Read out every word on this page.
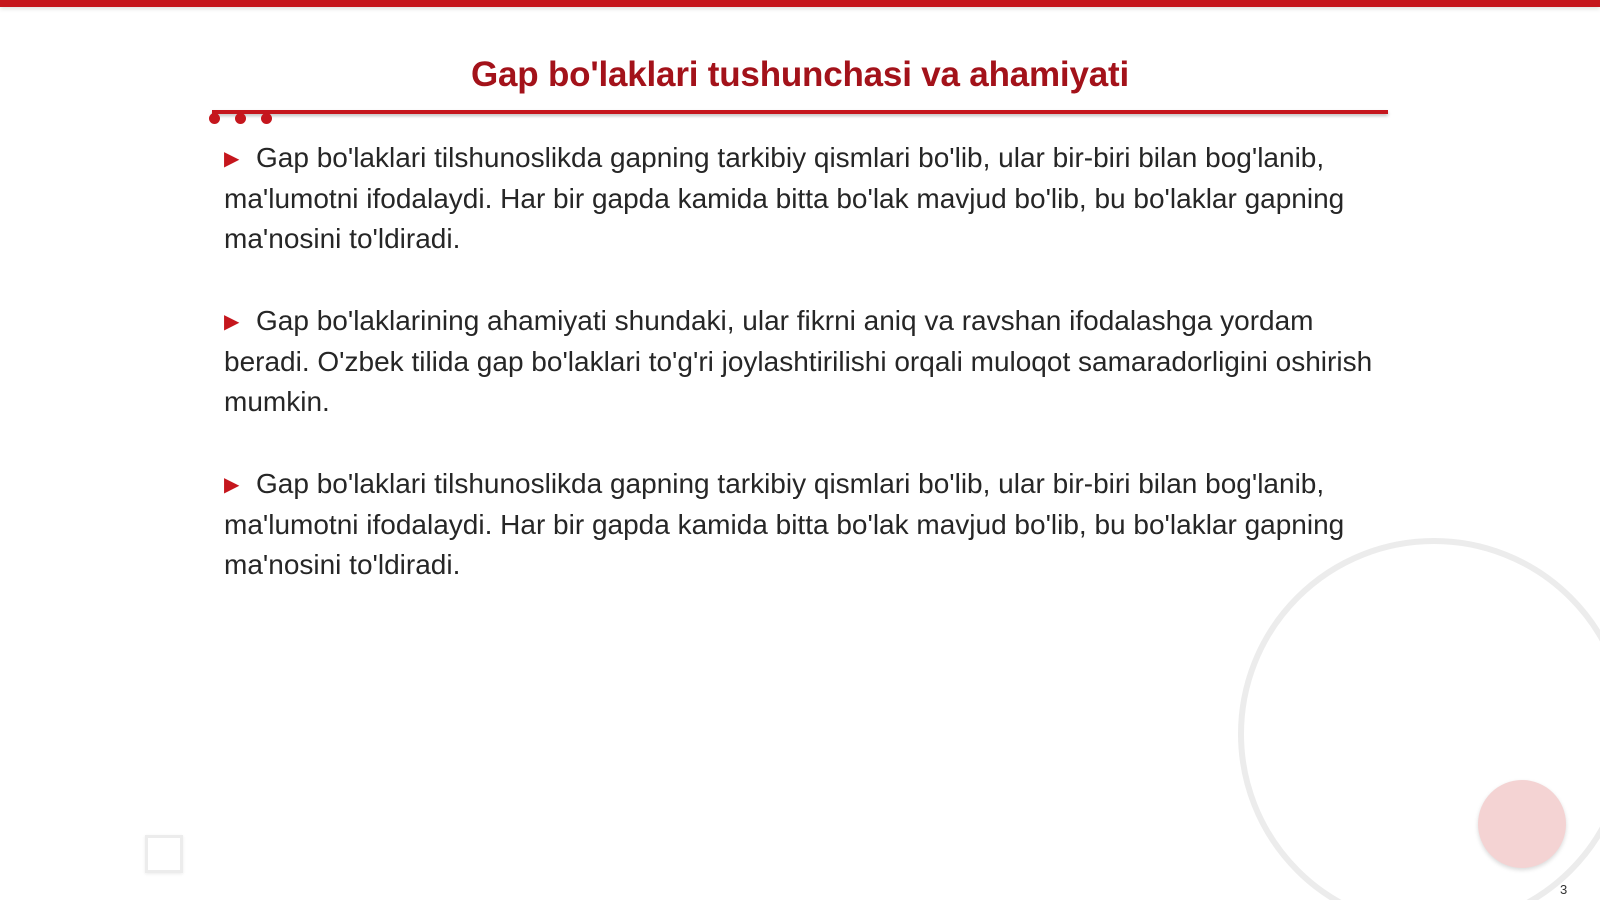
Gap bo'laklari tushunchasi va ahamiyati

▶ Gap bo'laklari tilshunoslikda gapning tarkibiy qismlari bo'lib, ular bir-biri bilan bog'lanib, ma'lumotni ifodalaydi. Har bir gapda kamida bitta bo'lak mavjud bo'lib, bu bo'laklar gapning ma'nosini to'ldiradi.

▶ Gap bo'laklarining ahamiyati shundaki, ular fikrni aniq va ravshan ifodalashga yordam beradi. O'zbek tilida gap bo'laklari to'g'ri joylashtirilishi orqali muloqot samaradorligini oshirish mumkin.

▶ Gap bo'laklari tilshunoslikda gapning tarkibiy qismlari bo'lib, ular bir-biri bilan bog'lanib, ma'lumotni ifodalaydi. Har bir gapda kamida bitta bo'lak mavjud bo'lib, bu bo'laklar gapning ma'nosini to'ldiradi.

3
